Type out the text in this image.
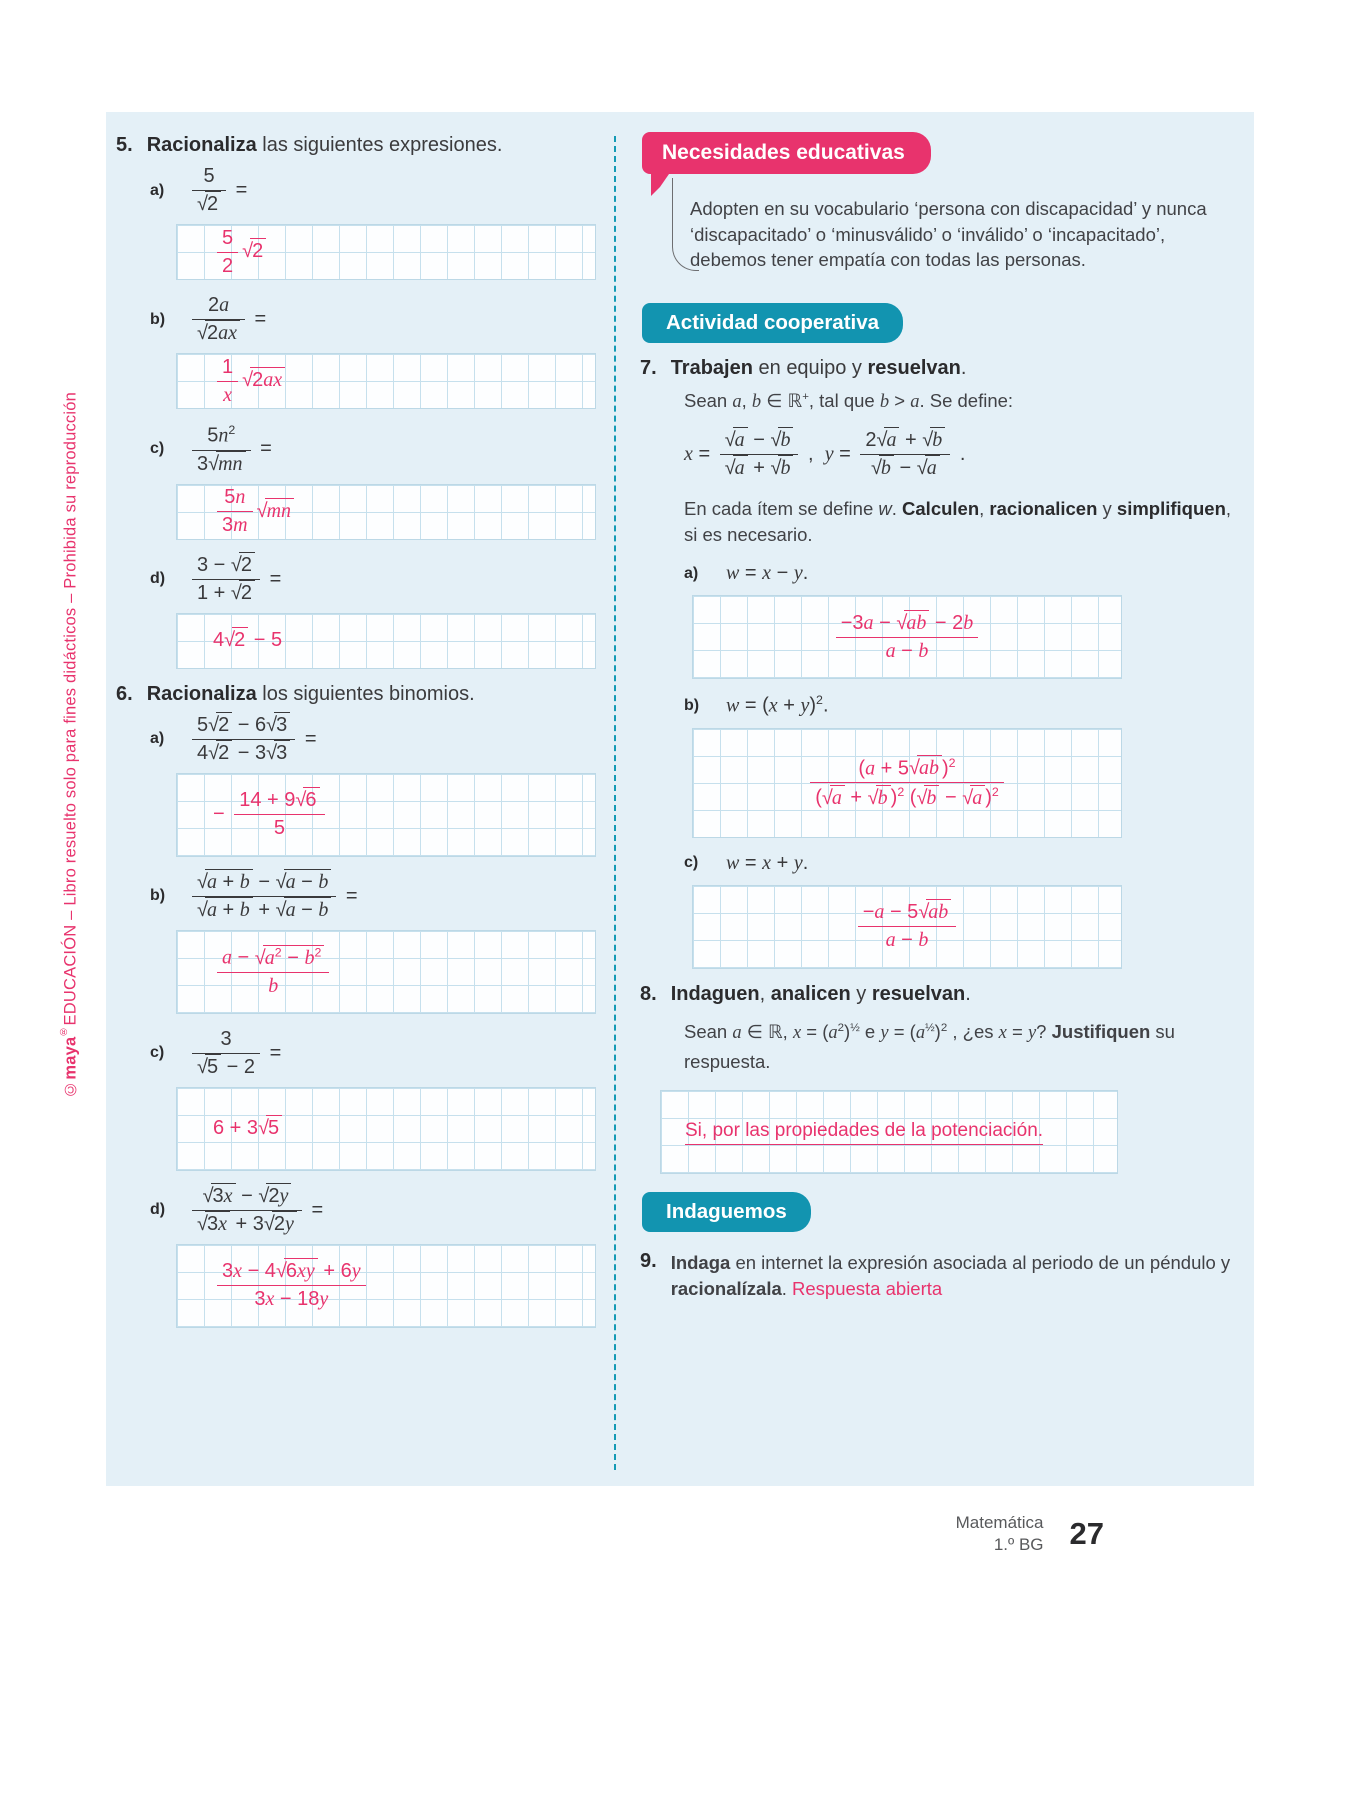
©maya®EDUCACIÓN – Libro resuelto solo para fines didácticos – Prohibida su reproducción
5. Racionaliza las siguientes expresiones.
a)	$\frac{5}{√2}$ =
$\frac{5}{2} √2$
b)	$\frac{2a}{√2ax}$ =
$\frac{1}{x} √2ax$
c)	$\frac{5n^2}{3√mn}$ =
$\frac{5n}{3m} √mn$
d)	$\frac{3 - √2}{1 + √2}$ =
4√2 − 5
6. Racionaliza los siguientes binomios.
a)	$\frac{5√2 - 6√3}{4√2 - 3√3}$ =
− $\frac{14 + 9√6}{5}$
b)	$\frac{√a + b - √a - b}{√a + b + √a - b}$ =
$\frac{a - √a^2 - b^2}{b}$
c)	$\frac{3}{√5 - 2}$ =
6 + 3√5
d)	$\frac{√3x - √2y}{√3x + 3√2y}$ =
$\frac{3x - 4√6xy + 6y}{3x - 18y}$
Necesidades educativas
Adopten en su vocabulario ‘persona con discapacidad’ y nunca ‘discapacitado’ o ‘minusválido’ o ‘inválido’ o ‘incapacitado’, debemos tener empatía con todas las personas.
Actividad cooperativa
7. Trabajen en equipo y resuelvan.
Sean a, b ∈ ℝ+, tal que b > a. Se define:
$x = \frac{√a - √b}{√a + √b}$ ,  $y = \frac{2√a + √b}{√b - √a}$ .
En cada ítem se define w. Calculen, racionalicen y simplifiquen, si es necesario.
a)	w = x − y.
$\frac{-3a - √ab - 2b}{a - b}$
b)	$w = (x + y)^2$.
$\frac{(a + 5√ab )^2}{(√a + √b )^2 (√b - √a )^2}$
c)	w = x + y.
$\frac{-a - 5√ab}{a - b}$
8. Indaguen, analicen y resuelvan.
Sean a ∈ ℝ, $x = (a^2)^{\frac{1}{2}}$ e $y = (a^{\frac{1}{2}})^2$ , ¿es x = y? Justifiquen su respuesta.
Si, por las propiedades de la potenciación.
Indaguemos
9. Indaga en internet la expresión asociada al periodo de un péndulo y racionalízala. Respuesta abierta
Matemática
1.º BG 27
